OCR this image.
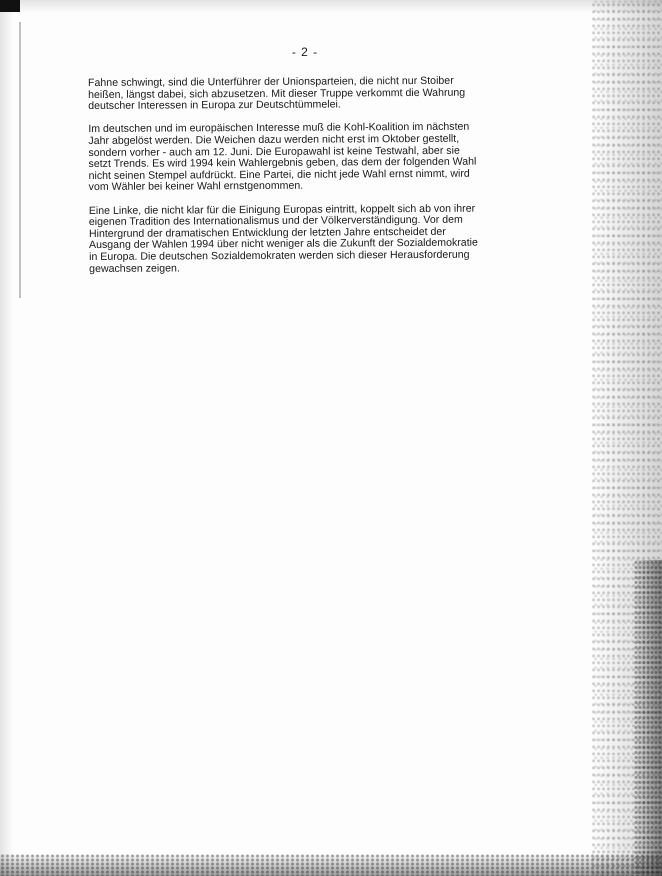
- 2 -

Fahne schwingt, sind die Unterführer der Unionsparteien, die nicht nur Stoiber
heißen, längst dabei, sich abzusetzen. Mit dieser Truppe verkommt die Wahrung
deutscher Interessen in Europa zur Deutschtümmelei.

Im deutschen und im europäischen Interesse muß die Kohl-Koalition im nächsten
Jahr abgelöst werden. Die Weichen dazu werden nicht erst im Oktober gestellt,
sondern vorher - auch am 12. Juni. Die Europawahl ist keine Testwahl, aber sie
setzt Trends. Es wird 1994 kein Wahlergebnis geben, das dem der folgenden Wahl
nicht seinen Stempel aufdrückt. Eine Partei, die nicht jede Wahl ernst nimmt, wird
vom Wähler bei keiner Wahl ernstgenommen.

Eine Linke, die nicht klar für die Einigung Europas eintritt, koppelt sich ab von ihrer
eigenen Tradition des Internationalismus und der Völkerverständigung. Vor dem
Hintergrund der dramatischen Entwicklung der letzten Jahre entscheidet der
Ausgang der Wahlen 1994 über nicht weniger als die Zukunft der Sozialdemokratie
in Europa. Die deutschen Sozialdemokraten werden sich dieser Herausforderung
gewachsen zeigen.
